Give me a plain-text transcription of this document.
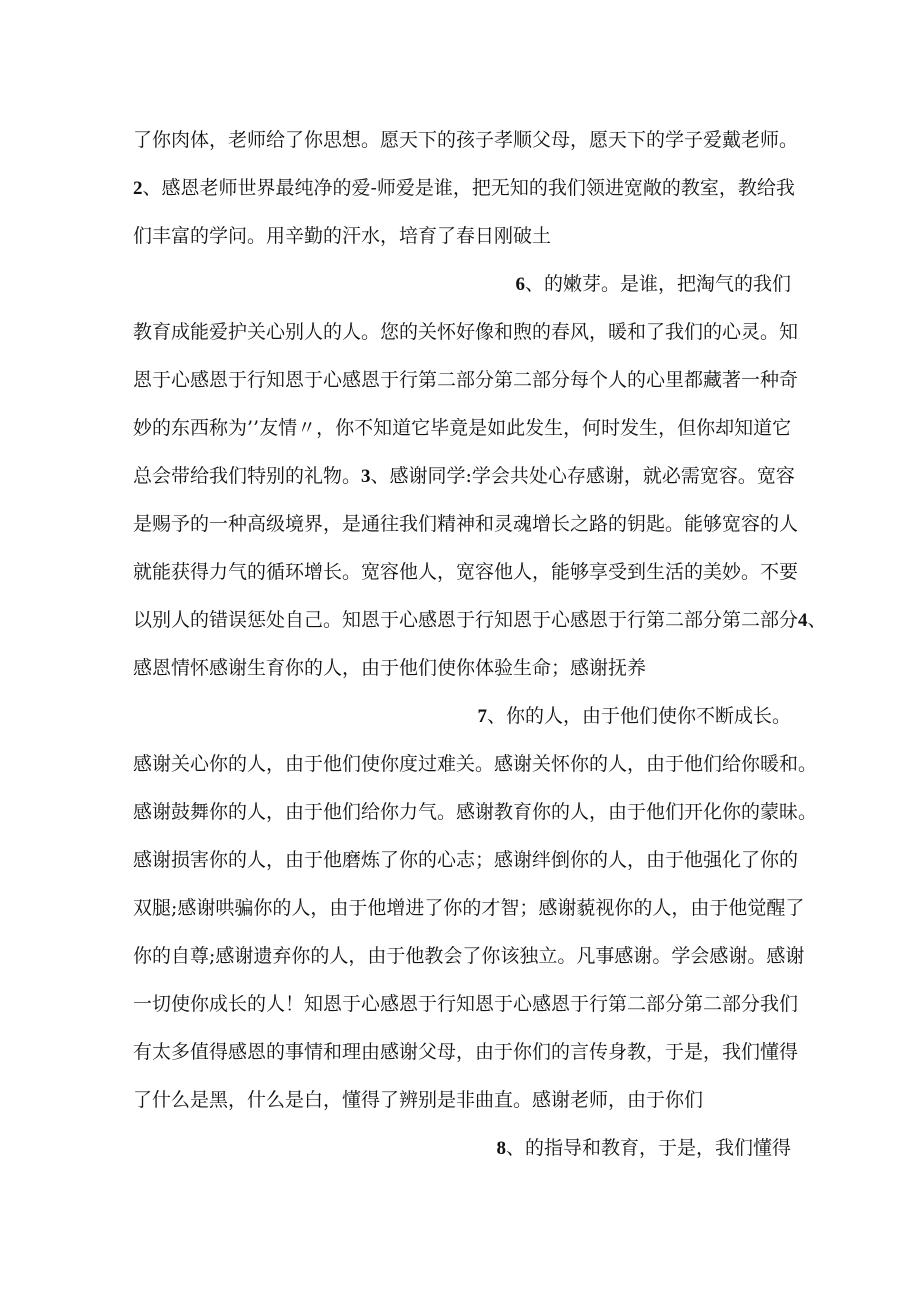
了你肉体，老师给了你思想。愿天下的孩子孝顺父母，愿天下的学子爱戴老师。
2、感恩老师世界最纯净的爱-师爱是谁，把无知的我们领进宽敞的教室，教给我
们丰富的学问。用辛勤的汗水，培育了春日刚破土
6、的嫩芽。是谁，把淘气的我们
教育成能爱护关心别人的人。您的关怀好像和煦的春风，暖和了我们的心灵。知
恩于心感恩于行知恩于心感恩于行第二部分第二部分每个人的心里都藏著一种奇
妙的东西称为’’友情〃，你不知道它毕竟是如此发生，何时发生，但你却知道它
总会带给我们特别的礼物。3、感谢同学:学会共处心存感谢，就必需宽容。宽容
是赐予的一种高级境界，是通往我们精神和灵魂增长之路的钥匙。能够宽容的人
就能获得力气的循环增长。宽容他人，宽容他人，能够享受到生活的美妙。不要
以别人的错误惩处自己。知恩于心感恩于行知恩于心感恩于行第二部分第二部分4、
感恩情怀感谢生育你的人，由于他们使你体验生命；感谢抚养
7、你的人，由于他们使你不断成长。
感谢关心你的人，由于他们使你度过难关。感谢关怀你的人，由于他们给你暖和。
感谢鼓舞你的人，由于他们给你力气。感谢教育你的人，由于他们开化你的蒙昧。
感谢损害你的人，由于他磨炼了你的心志；感谢绊倒你的人，由于他强化了你的
双腿;感谢哄骗你的人，由于他增进了你的才智；感谢藐视你的人，由于他觉醒了
你的自尊;感谢遗弃你的人，由于他教会了你该独立。凡事感谢。学会感谢。感谢
一切使你成长的人！知恩于心感恩于行知恩于心感恩于行第二部分第二部分我们
有太多值得感恩的事情和理由感谢父母，由于你们的言传身教，于是，我们懂得
了什么是黑，什么是白，懂得了辨别是非曲直。感谢老师，由于你们
8、的指导和教育，于是，我们懂得
